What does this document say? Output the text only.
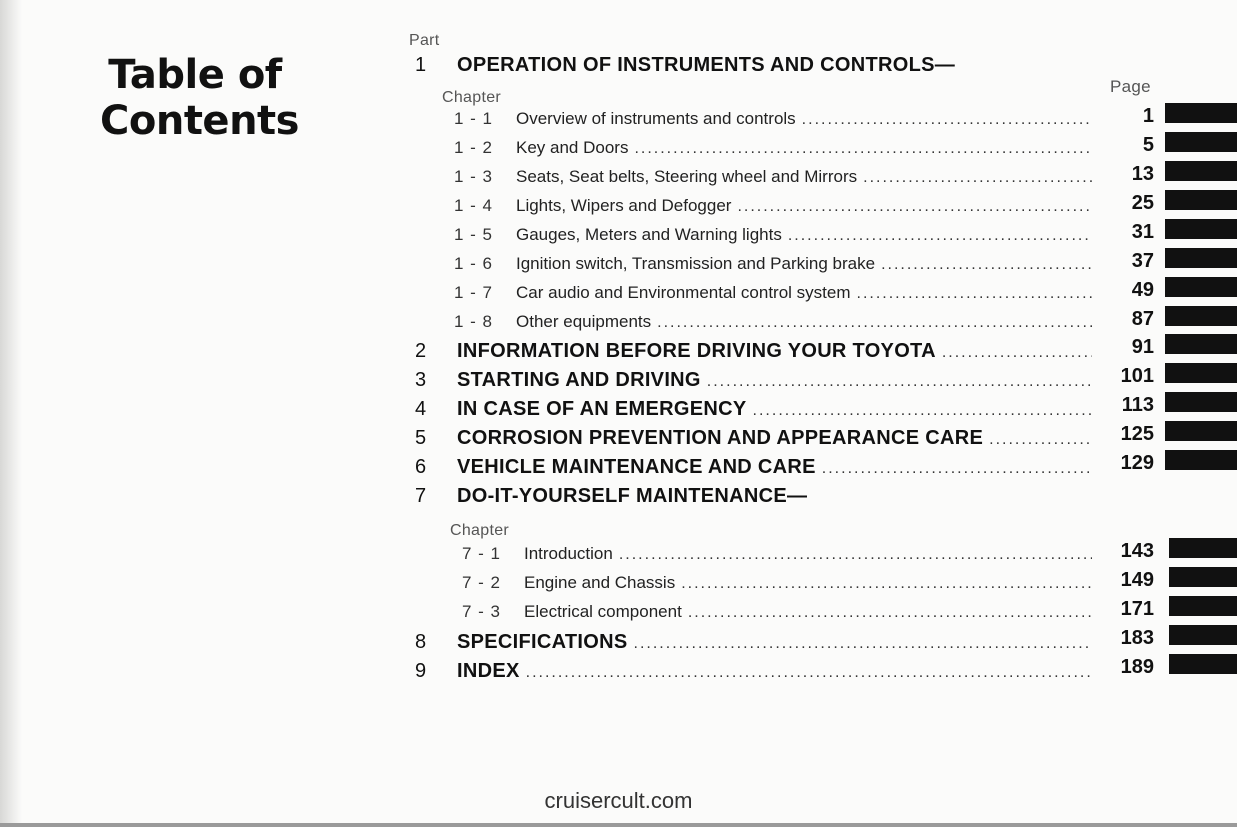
Table of
Contents
Part
Chapter
Chapter
Page
1	OPERATION OF INSTRUMENTS AND CONTROLS—
1 - 1	Overview of instruments and controls .....	1
1 - 2	Key and Doors .....	5
1 - 3	Seats, Seat belts, Steering wheel and Mirrors .....	13
1 - 4	Lights, Wipers and Defogger .....	25
1 - 5	Gauges, Meters and Warning lights .....	31
1 - 6	Ignition switch, Transmission and Parking brake .....	37
1 - 7	Car audio and Environmental control system .....	49
1 - 8	Other equipments .....	87
2	INFORMATION BEFORE DRIVING YOUR TOYOTA .....	91
3	STARTING AND DRIVING .....	101
4	IN CASE OF AN EMERGENCY .....	113
5	CORROSION PREVENTION AND APPEARANCE CARE .....	125
6	VEHICLE MAINTENANCE AND CARE .....	129
7	DO-IT-YOURSELF MAINTENANCE—
7 - 1	Introduction .....	143
7 - 2	Engine and Chassis .....	149
7 - 3	Electrical component .....	171
8	SPECIFICATIONS .....	183
9	INDEX .....	189
cruisercult.com
